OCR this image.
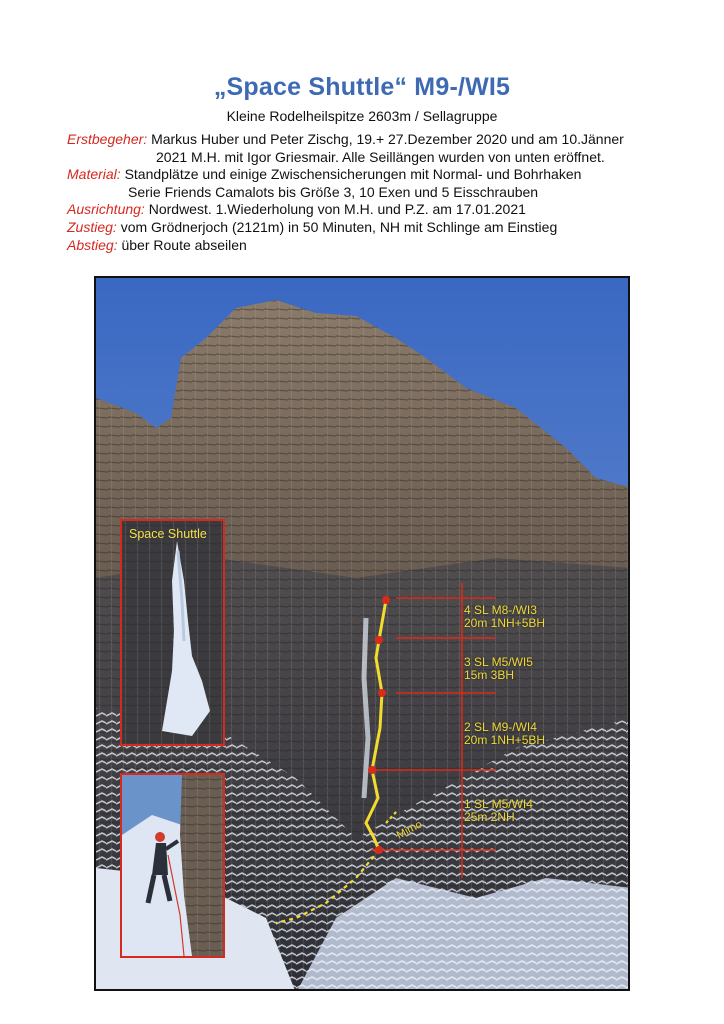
„Space Shuttle“ M9-/WI5
Kleine Rodelheilspitze 2603m / Sellagruppe
Erstbegeher: Markus Huber und Peter Zischg, 19.+ 27.Dezember 2020 und am 10.Jänner
2021 M.H. mit Igor Griesmair. Alle Seillängen wurden von unten eröffnet.
Material: Standplätze und einige Zwischensicherungen mit Normal- und Bohrhaken
Serie Friends Camalots bis Größe 3, 10 Exen und 5 Eisschrauben
Ausrichtung: Nordwest. 1.Wiederholung von M.H. und P.Z. am 17.01.2021
Zustieg: vom Grödnerjoch (2121m) in 50 Minuten, NH mit Schlinge am Einstieg
Abstieg: über Route abseilen
Space Shuttle
4 SL M8-/WI3
20m 1NH+5BH
3 SL M5/WI5
15m 3BH
2 SL M9-/WI4
20m 1NH+5BH
1 SL M5/WI4
25m 2NH
Mimo
